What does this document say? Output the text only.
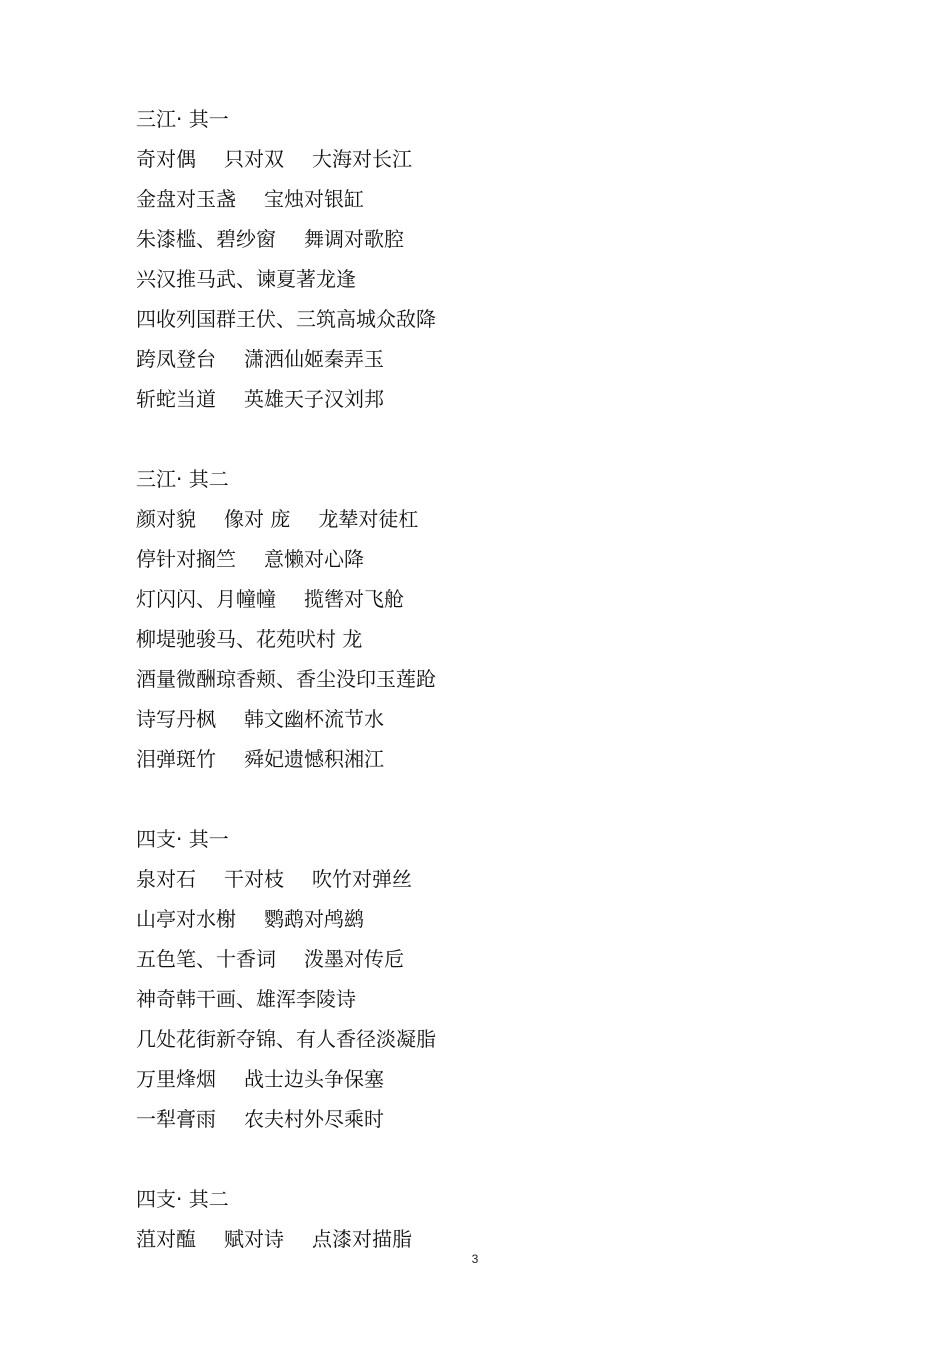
三江· 其一
奇对偶 只对双 大海对长江
金盘对玉盏 宝烛对银缸
朱漆槛、碧纱窗 舞调对歌腔
兴汉推马武、谏夏著龙逢
四收列国群王伏、三筑高城众敌降
跨凤登台 潇洒仙姬秦弄玉
斩蛇当道 英雄天子汉刘邦
三江· 其二
颜对貌 像对 庞 龙辇对徒杠
停针对搁竺 意懒对心降
灯闪闪、月幢幢 揽辔对飞舱
柳堤驰骏马、花苑吠村 龙
酒量微酬琼香颊、香尘没印玉莲跄
诗写丹枫 韩文幽杯流节水
泪弹斑竹 舜妃遗憾积湘江
四支· 其一
泉对石 干对枝 吹竹对弹丝
山亭对水榭 鹦鹉对鸬鹚
五色笔、十香词 泼墨对传卮
神奇韩干画、雄浑李陵诗
几处花街新夺锦、有人香径淡凝脂
万里烽烟 战士边头争保塞
一犁膏雨 农夫村外尽乘时
四支· 其二
菹对醢 赋对诗 点漆对描脂
3
